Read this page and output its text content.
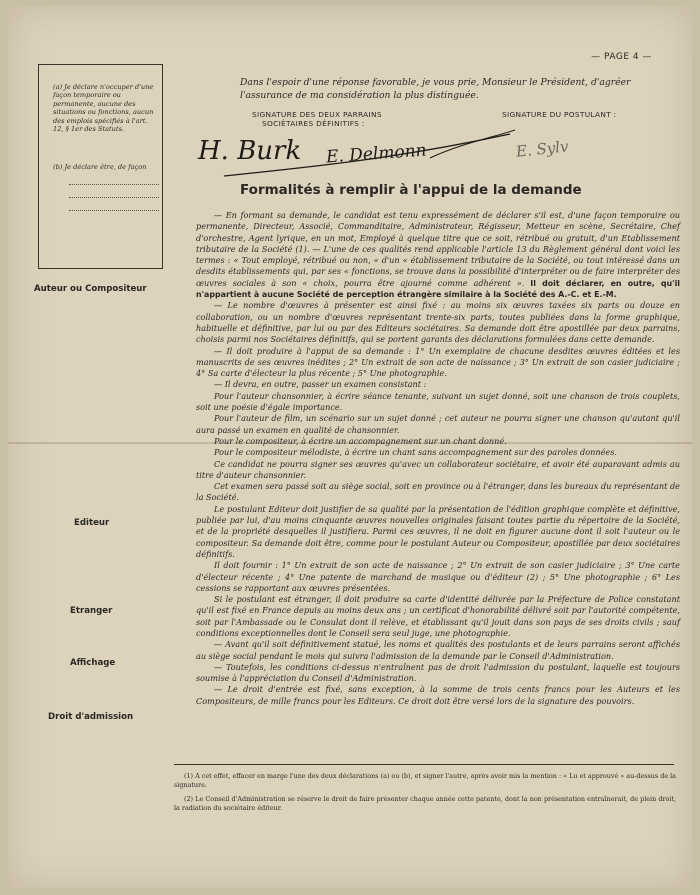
— PAGE 4 —
(a) Je déclare n'occuper d'une façon temporaire ou permanente, aucune des situations ou fonctions, aucun des emplois spécifiés à l'art. 12, § 1er des Statuts.
(b) Je déclare être, de façon
Dans l'espoir d'une réponse favorable, je vous prie, Monsieur le Président, d'agréer l'assurance de ma considération la plus distinguée.
SIGNATURE DES DEUX PARRAINS
SOCIÉTAIRES DÉFINITIFS :
SIGNATURE DU POSTULANT :
H. Burk E. Delmonn	E. Sylv
Formalités à remplir à l'appui de la demande
Auteur ou Compositeur
Editeur
Etranger
Affichage
Droit d'admission

— En formant sa demande, le candidat est tenu expressément de déclarer s'il est, d'une façon temporaire ou permanente, Directeur, Associé, Commanditaire, Administrateur, Régisseur, Metteur en scène, Secrétaire, Chef d'orchestre, Agent lyrique, en un mot, Employé à quelque titre que ce soit, rétribué ou gratuit, d'un Etablissement tributaire de la Société (1). — L'une de ces qualités rend applicable l'article 13 du Règlement général dont voici les termes : « Tout employé, rétribué ou non, « d'un « établissement tributaire de la Société, ou tout intéressé dans un desdits établissements qui, par ses « fonctions, se trouve dans la possibilité d'interpréter ou de faire interpréter des œuvres sociales à son « choix, pourra être ajourné comme adhérent ». Il doit déclarer, en outre, qu'il n'appartient à aucune Société de perception étrangère similaire à la Société des A.-C. et E.-M.

— Le nombre d'œuvres à présenter est ainsi fixé : au moins six œuvres taxées six parts ou douze en collaboration, ou un nombre d'œuvres représentant trente-six parts, toutes publiées dans la forme graphique, habituelle et définitive, par lui ou par des Editeurs sociétaires. Sa demande doit être apostillée par deux parrains, choisis parmi nos Sociétaires définitifs, qui se portent garants des déclarations formulées dans cette demande.

— Il doit produire à l'appui de sa demande : 1° Un exemplaire de chacune desdites œuvres éditées et les manuscrits de ses œuvres inédites ; 2° Un extrait de son acte de naissance ; 3° Un extrait de son casier judiciaire ; 4° Sa carte d'électeur la plus récente ; 5° Une photographie.

— Il devra, en outre, passer un examen consistant :

Pour l'auteur chansonnier, à écrire séance tenante, suivant un sujet donné, soit une chanson de trois couplets, soit une poésie d'égale importance.

Pour l'auteur de film, un scénario sur un sujet donné ; cet auteur ne pourra signer une chanson qu'autant qu'il aura passé un examen en qualité de chansonnier.

Pour le compositeur, à écrire un accompagnement sur un chant donné.

Pour le compositeur mélodiste, à écrire un chant sans accompagnement sur des paroles données.

Ce candidat ne pourra signer ses œuvres qu'avec un collaborateur sociétaire, et avoir été auparavant admis au titre d'auteur chansonnier.

Cet examen sera passé soit au siège social, soit en province ou à l'étranger, dans les bureaux du représentant de la Société.

Le postulant Editeur doit justifier de sa qualité par la présentation de l'édition graphique complète et définitive, publiée par lui, d'au moins cinquante œuvres nouvelles originales faisant toutes partie du répertoire de la Société, et de la propriété desquelles il justifiera. Parmi ces œuvres, il ne doit en figurer aucune dont il soit l'auteur ou le compositeur. Sa demande doit être, comme pour le postulant Auteur ou Compositeur, apostillée par deux sociétaires définitifs.

Il doit fournir : 1° Un extrait de son acte de naissance ; 2° Un extrait de son casier judiciaire ; 3° Une carte d'électeur récente ; 4° Une patente de marchand de musique ou d'éditeur (2) ; 5° Une photographie ; 6° Les cessions se rapportant aux œuvres présentées.

Si le postulant est étranger, il doit produire sa carte d'identité délivrée par la Préfecture de Police constatant qu'il est fixé en France depuis au moins deux ans ; un certificat d'honorabilité délivré soit par l'autorité compétente, soit par l'Ambassade ou le Consulat dont il relève, et établissant qu'il jouit dans son pays de ses droits civils ; sauf conditions exceptionnelles dont le Conseil sera seul juge, une photographie.

— Avant qu'il soit définitivement statué, les noms et qualités des postulants et de leurs parrains seront affichés au siège social pendant le mois qui suivra l'admission de la demande par le Conseil d'Administration.

— Toutefois, les conditions ci-dessus n'entraînent pas de droit l'admission du postulant, laquelle est toujours soumise à l'appréciation du Conseil d'Administration.

— Le droit d'entrée est fixé, sans exception, à la somme de trois cents francs pour les Auteurs et les Compositeurs, de mille francs pour les Editeurs. Ce droit doit être versé lors de la signature des pouvoirs.

(1) A cet effet, effacer en marge l'une des deux déclarations (a) ou (b), et signer l'autre, après avoir mis la mention : « Lu et approuvé » au-dessus de la signature.

(2) Le Conseil d'Administration se réserve le droit de faire présenter chaque année cette patente, dont la non présentation entraînerait, de plein droit, la radiation du sociétaire éditeur.
